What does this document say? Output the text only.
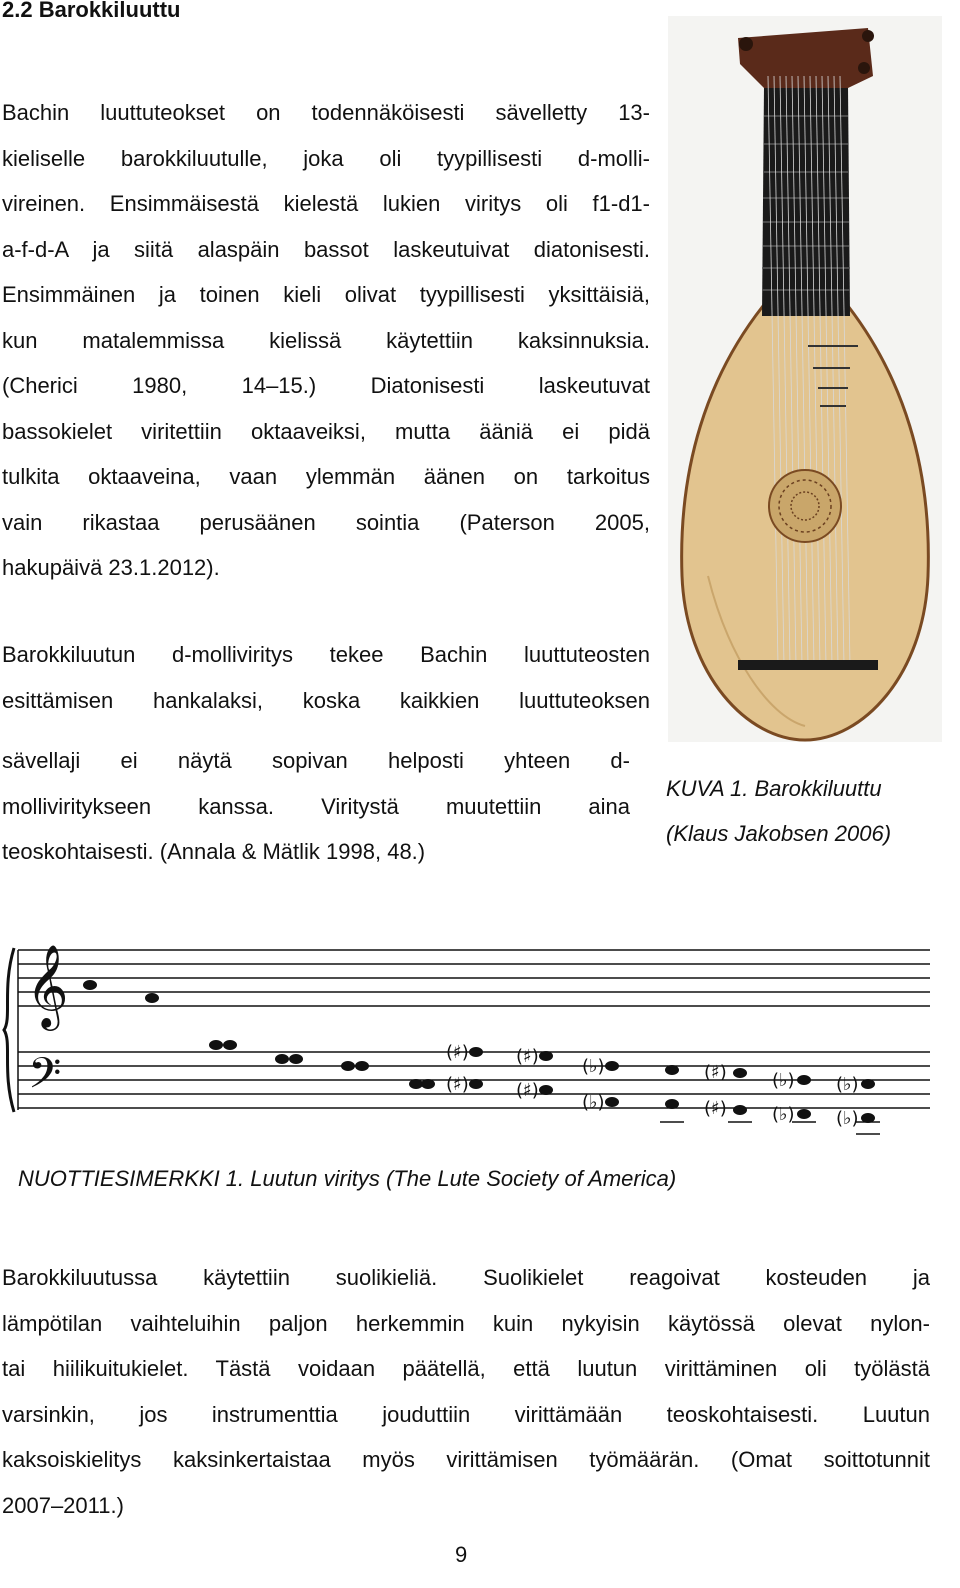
2.2 Barokkiluuttu
Bachin luuttuteokset on todennäköisesti sävelletty 13-
kieliselle barokkiluutulle, joka oli tyypillisesti d-molli-
vireinen. Ensimmäisestä kielestä lukien viritys oli f1-d1-
a-f-d-A ja siitä alaspäin bassot laskeutuivat diatonisesti.
Ensimmäinen ja toinen kieli olivat tyypillisesti yksittäisiä,
kun matalemmissa kielissä käytettiin kaksinnuksia.
(Cherici 1980, 14–15.) Diatonisesti laskeutuvat
bassokielet viritettiin oktaaveiksi, mutta ääniä ei pidä
tulkita oktaaveina, vaan ylemmän äänen on tarkoitus
vain rikastaa perusäänen sointia (Paterson 2005,
hakupäivä 23.1.2012).
Barokkiluutun d-molliviritys tekee Bachin luuttuteosten
esittämisen hankalaksi, koska kaikkien luuttuteoksen
sävellaji ei näytä sopivan helposti yhteen d-
molliviritykseen kanssa. Viritystä muutettiin aina
teoskohtaisesti. (Annala & Mätlik 1998, 48.)

KUVA 1. Barokkiluuttu

(Klaus Jakobsen 2006)

𝄞
𝄢	(♯)
(♯)
(♯)
(♯)
(♭)
(♭)
(♯)
(♯)
(♭)
(♭)
(♭)
(♭)

NUOTTIESIMERKKI 1. Luutun viritys (The Lute Society of America)

Barokkiluutussa käytettiin suolikieliä. Suolikielet reagoivat kosteuden ja
lämpötilan vaihteluihin paljon herkemmin kuin nykyisin käytössä olevat nylon-
tai hiilikuitukielet. Tästä voidaan päätellä, että luutun virittäminen oli työlästä
varsinkin, jos instrumenttia jouduttiin virittämään teoskohtaisesti. Luutun
kaksoiskielitys kaksinkertaistaa myös virittämisen työmäärän. (Omat soittotunnit
2007–2011.)
9
